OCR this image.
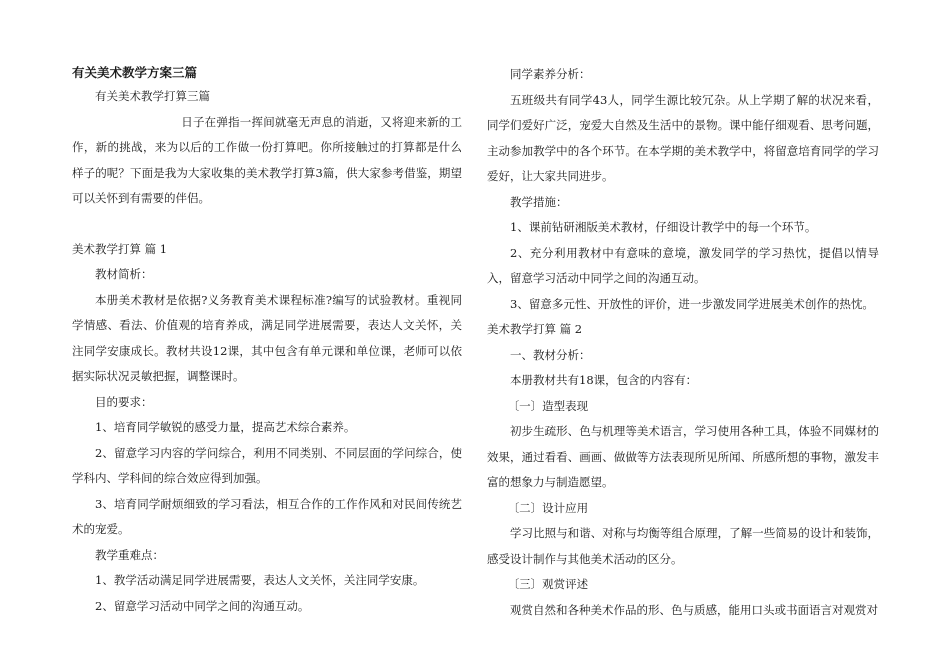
有关美术教学方案三篇

有关美术教学打算三篇

日子在弹指一挥间就毫无声息的消逝，又将迎来新的工作，新的挑战，来为以后的工作做一份打算吧。你所接触过的打算都是什么样子的呢？下面是我为大家收集的美术教学打算3篇，供大家参考借鉴，期望可以关怀到有需要的伴侣。

美术教学打算 篇 1

教材简析：

本册美术教材是依据?义务教育美术课程标准?编写的试验教材。重视同学情感、看法、价值观的培育养成，满足同学进展需要，表达人文关怀，关注同学安康成长。教材共设12课，其中包含有单元课和单位课，老师可以依据实际状况灵敏把握，调整课时。

目的要求：

1、培育同学敏锐的感受力量，提高艺术综合素养。

2、留意学习内容的学问综合，利用不同类别、不同层面的学问综合，使学科内、学科间的综合效应得到加强。

3、培育同学耐烦细致的学习看法，相互合作的工作作风和对民间传统艺术的宠爱。

教学重难点：

1、教学活动满足同学进展需要，表达人文关怀，关注同学安康。

2、留意学习活动中同学之间的沟通互动。

同学素养分析：

五班级共有同学43人，同学生源比较冗杂。从上学期了解的状况来看，同学们爱好广泛，宠爱大自然及生活中的景物。课中能仔细观看、思考问题，主动参加教学中的各个环节。在本学期的美术教学中，将留意培育同学的学习爱好，让大家共同进步。

教学措施：

1、课前钻研湘版美术教材，仔细设计教学中的每一个环节。

2、充分利用教材中有意味的意境，激发同学的学习热忱，提倡以情导入，留意学习活动中同学之间的沟通互动。

3、留意多元性、开放性的评价，进一步激发同学进展美术创作的热忱。

美术教学打算 篇 2

一、教材分析：

本册教材共有18课，包含的内容有：

〔一〕造型表现

初步生疏形、色与机理等美术语言，学习使用各种工具，体验不同媒材的效果，通过看看、画画、做做等方法表现所见所闻、所感所想的事物，激发丰富的想象力与制造愿望。

〔二〕设计应用

学习比照与和谐、对称与均衡等组合原理，了解一些简易的设计和装饰，感受设计制作与其他美术活动的区分。

〔三〕观赏评述

观赏自然和各种美术作品的形、色与质感，能用口头或书面语言对观赏对
